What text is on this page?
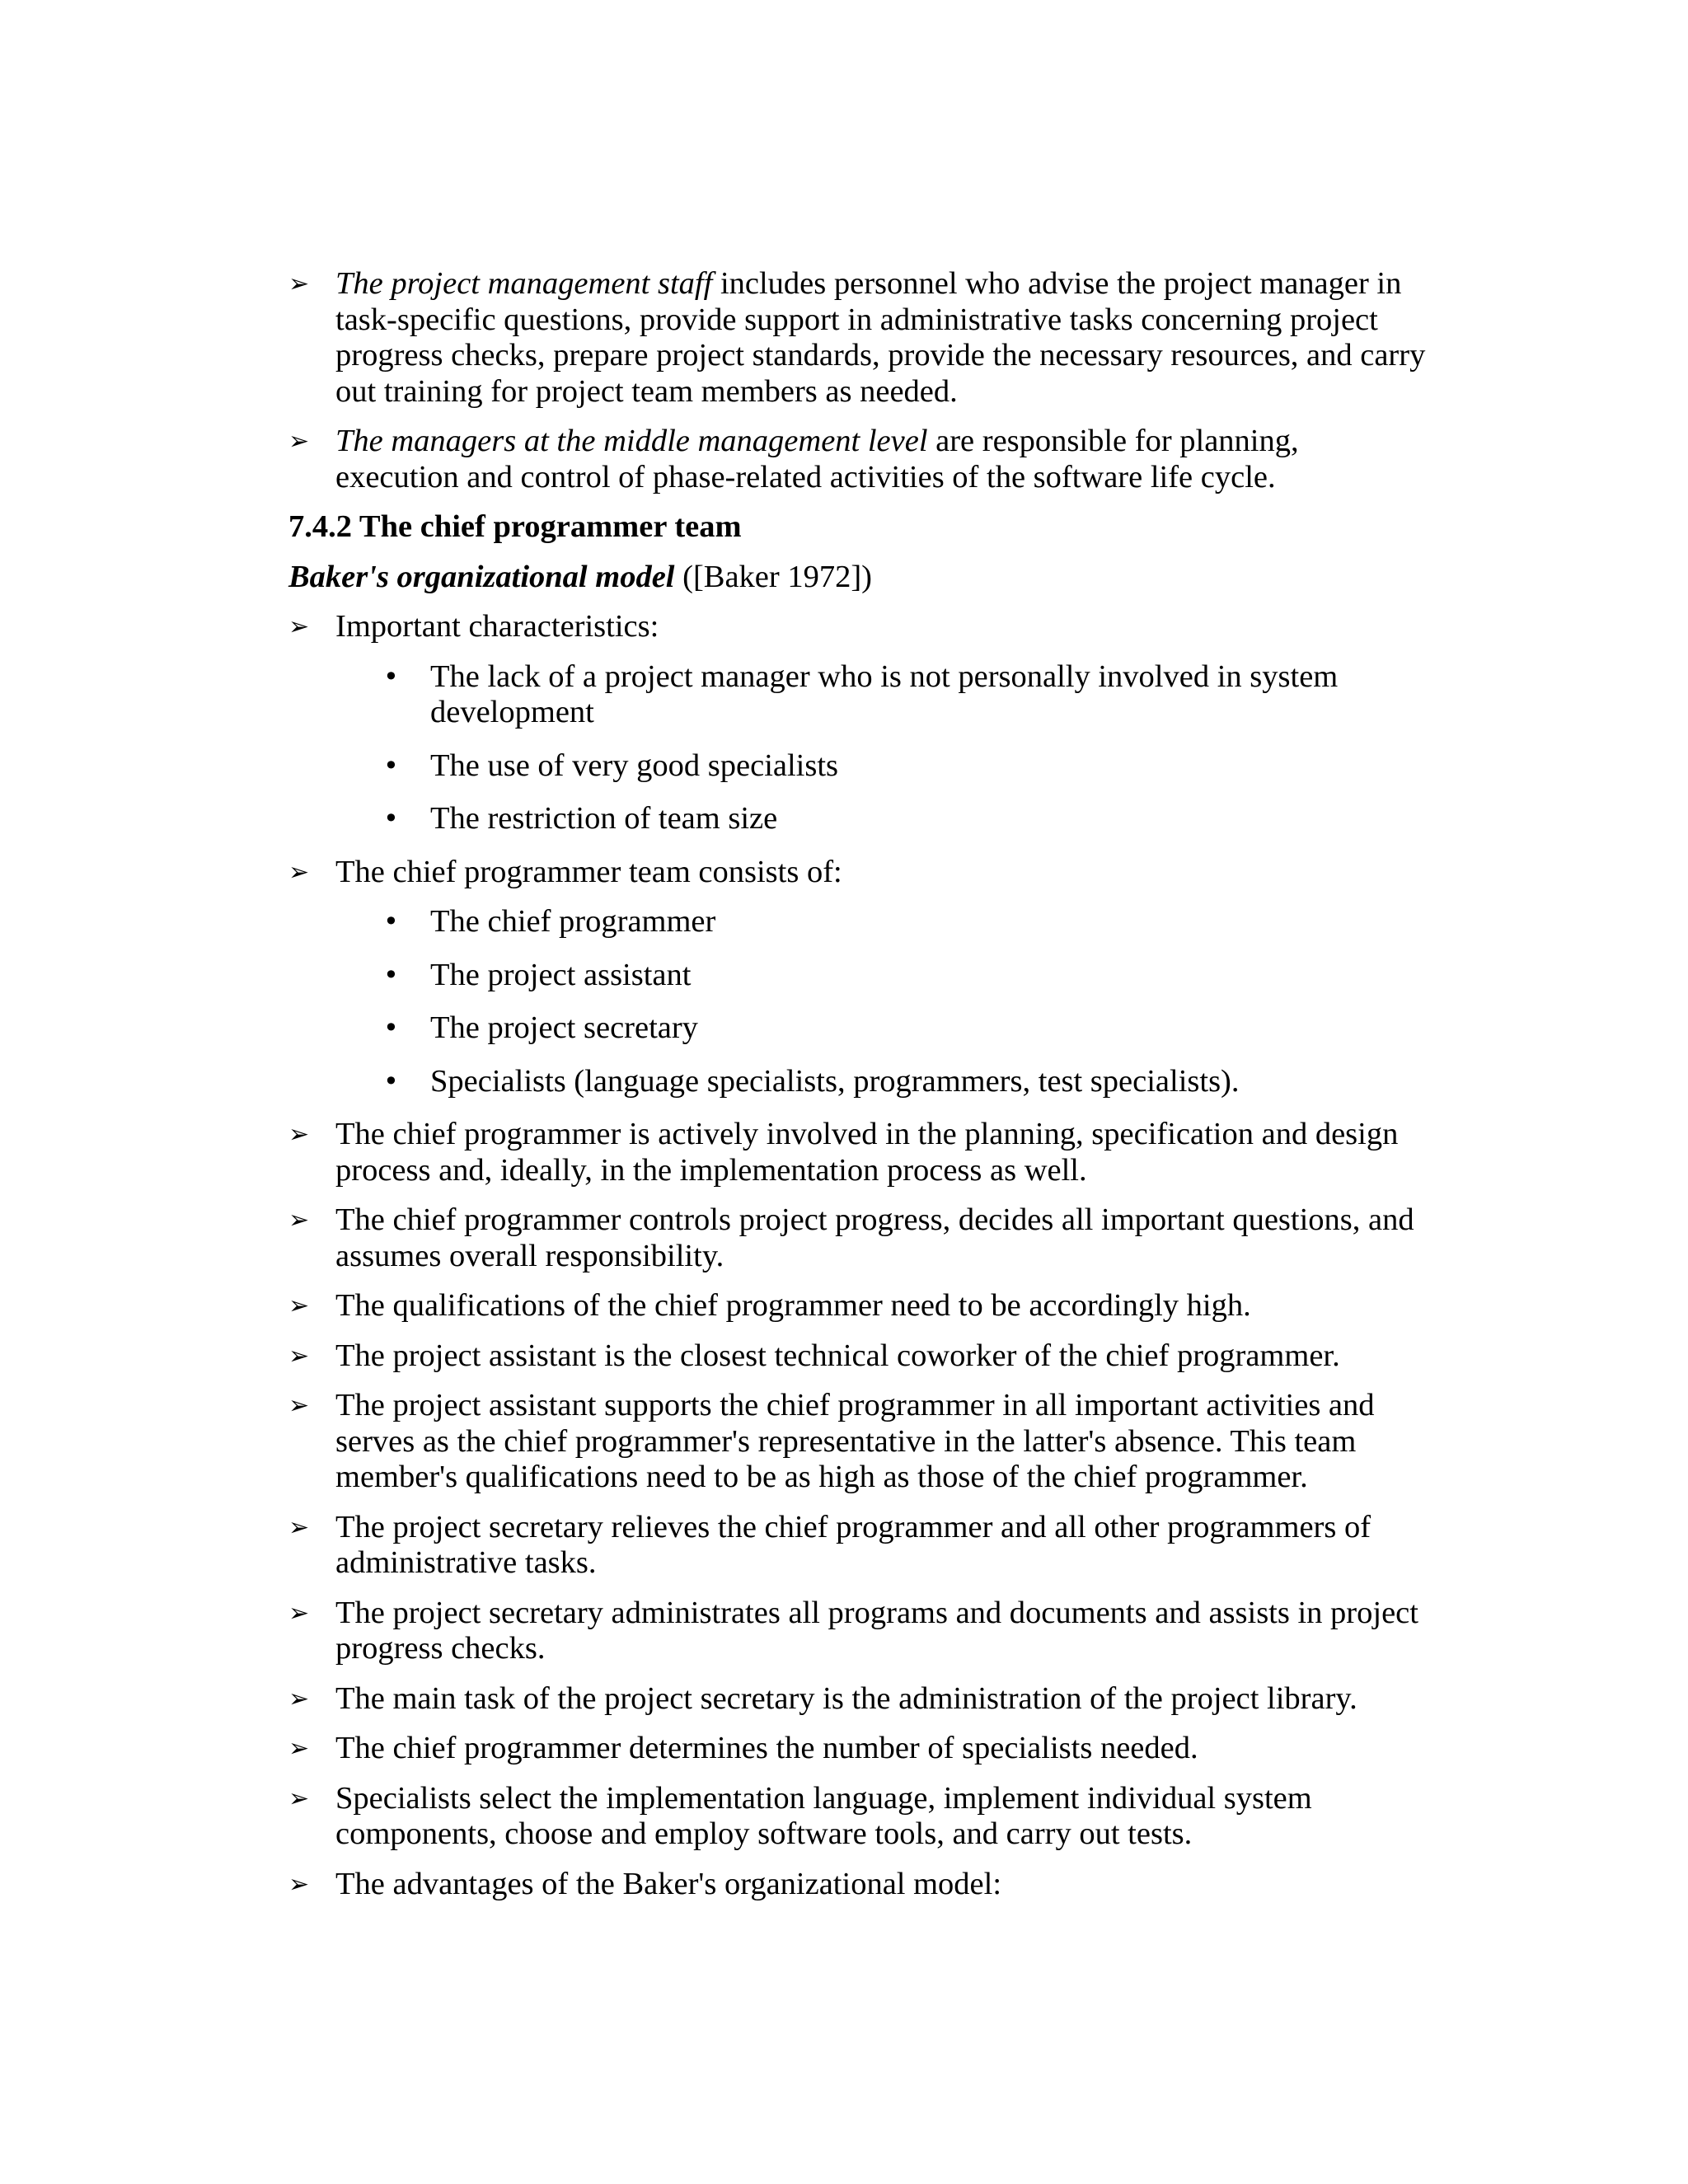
➢ The project management staff includes personnel who advise the project manager in task-specific questions, provide support in administrative tasks concerning project progress checks, prepare project standards, provide the necessary resources, and carry out training for project team members as needed.
➢ The managers at the middle management level are responsible for planning, execution and control of phase-related activities of the software life cycle.
7.4.2 The chief programmer team
Baker's organizational model ([Baker 1972])
➢ Important characteristics:
• The lack of a project manager who is not personally involved in system development
• The use of very good specialists
• The restriction of team size
➢ The chief programmer team consists of:
• The chief programmer
• The project assistant
• The project secretary
• Specialists (language specialists, programmers, test specialists).
➢ The chief programmer is actively involved in the planning, specification and design process and, ideally, in the implementation process as well.
➢ The chief programmer controls project progress, decides all important questions, and assumes overall responsibility.
➢ The qualifications of the chief programmer need to be accordingly high.
➢ The project assistant is the closest technical coworker of the chief programmer.
➢ The project assistant supports the chief programmer in all important activities and serves as the chief programmer's representative in the latter's absence. This team member's qualifications need to be as high as those of the chief programmer.
➢ The project secretary relieves the chief programmer and all other programmers of administrative tasks.
➢ The project secretary administrates all programs and documents and assists in project progress checks.
➢ The main task of the project secretary is the administration of the project library.
➢ The chief programmer determines the number of specialists needed.
➢ Specialists select the implementation language, implement individual system components, choose and employ software tools, and carry out tests.
➢ The advantages of the Baker's organizational model:
